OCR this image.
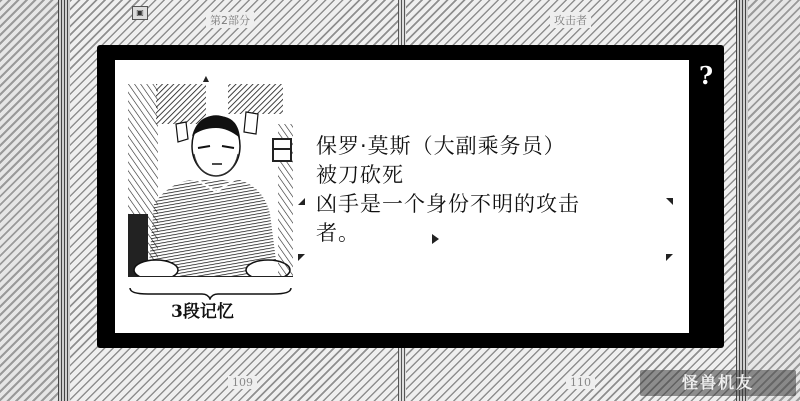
▣
第2部分	攻击者
109	110
?
▲
3段记忆
保罗·莫斯（大副乘务员）
被刀砍死
凶手是一个身份不明的攻击
者。
怪兽机友
